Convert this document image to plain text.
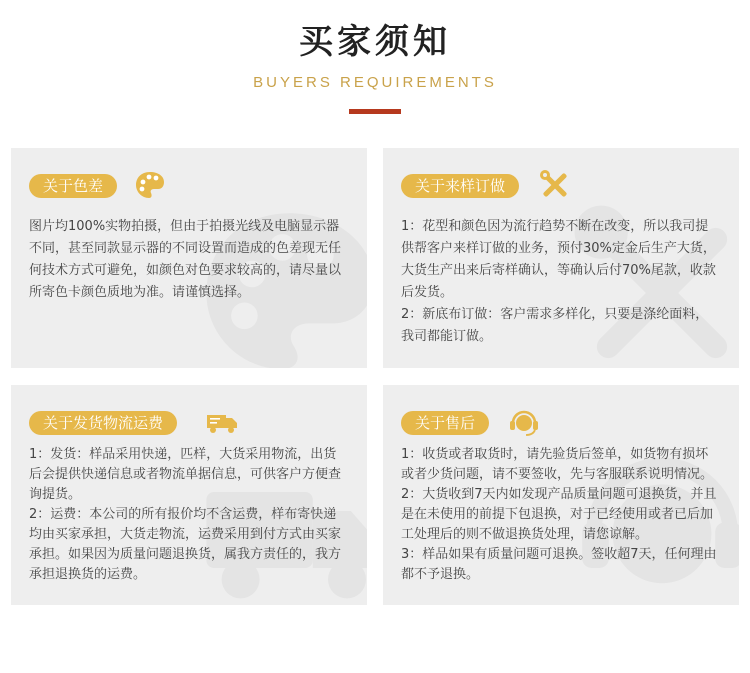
买家须知
BUYERS REQUIREMENTS
关于色差

图片均100%实物拍摄，但由于拍摄光线及电脑显示器不同，甚至同款显示器的不同设置而造成的色差现无任何技术方式可避免，如颜色对色要求较高的，请尽量以所寄色卡颜色质地为准。请谨慎选择。

关于来样订做

1：花型和颜色因为流行趋势不断在改变，所以我司提供帮客户来样订做的业务，预付30%定金后生产大货，大货生产出来后寄样确认，等确认后付70%尾款，收款后发货。

2：新底布订做：客户需求多样化，只要是涤纶面料，我司都能订做。

关于发货物流运费

1：发货：样品采用快递，匹样，大货采用物流，出货后会提供快递信息或者物流单据信息，可供客户方便查询提货。

2：运费：本公司的所有报价均不含运费，样布寄快递均由买家承担，大货走物流，运费采用到付方式由买家承担。如果因为质量问题退换货，属我方责任的，我方承担退换货的运费。

关于售后

1：收货或者取货时，请先验货后签单，如货物有损坏或者少货问题，请不要签收，先与客服联系说明情况。

2：大货收到7天内如发现产品质量问题可退换货，并且是在未使用的前提下包退换，对于已经使用或者已后加工处理后的则不做退换货处理，请您谅解。

3：样品如果有质量问题可退换。签收超7天，任何理由都不予退换。
